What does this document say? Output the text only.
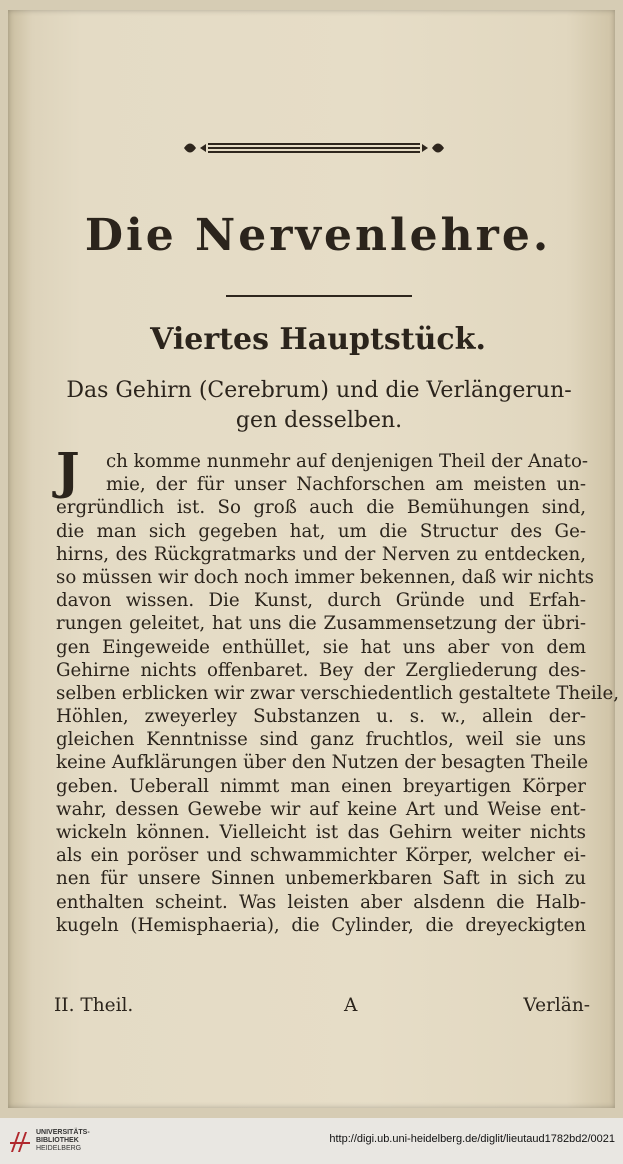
Die Nervenlehre.
Viertes Hauptstück.
Das Gehirn (Cerebrum) und die Verlängerun-
gen desselben.
J	ch komme nunmehr auf denjenigen Theil der Anato-
mie, der für unser Nachforschen am meisten un-
ergründlich ist. So groß auch die Bemühungen sind,
die man sich gegeben hat, um die Structur des Ge-
hirns, des Rückgratmarks und der Nerven zu entdecken,
so müssen wir doch noch immer bekennen, daß wir nichts
davon wissen. Die Kunst, durch Gründe und Erfah-
rungen geleitet, hat uns die Zusammensetzung der übri-
gen Eingeweide enthüllet, sie hat uns aber von dem
Gehirne nichts offenbaret. Bey der Zergliederung des-
selben erblicken wir zwar verschiedentlich gestaltete Theile,
Höhlen, zweyerley Substanzen u. s. w., allein der-
gleichen Kenntnisse sind ganz fruchtlos, weil sie uns
keine Aufklärungen über den Nutzen der besagten Theile
geben. Ueberall nimmt man einen breyartigen Körper
wahr, dessen Gewebe wir auf keine Art und Weise ent-
wickeln können. Vielleicht ist das Gehirn weiter nichts
als ein poröser und schwammichter Körper, welcher ei-
nen für unsere Sinnen unbemerkbaren Saft in sich zu
enthalten scheint. Was leisten aber alsdenn die Halb-
kugeln (Hemisphaeria), die Cylinder, die dreyeckigten
II. Theil.	A	Verlän-
UNIVERSITÄTS-
BIBLIOTHEK
HEIDELBERG
http://digi.ub.uni-heidelberg.de/diglit/lieutaud1782bd2/0021
